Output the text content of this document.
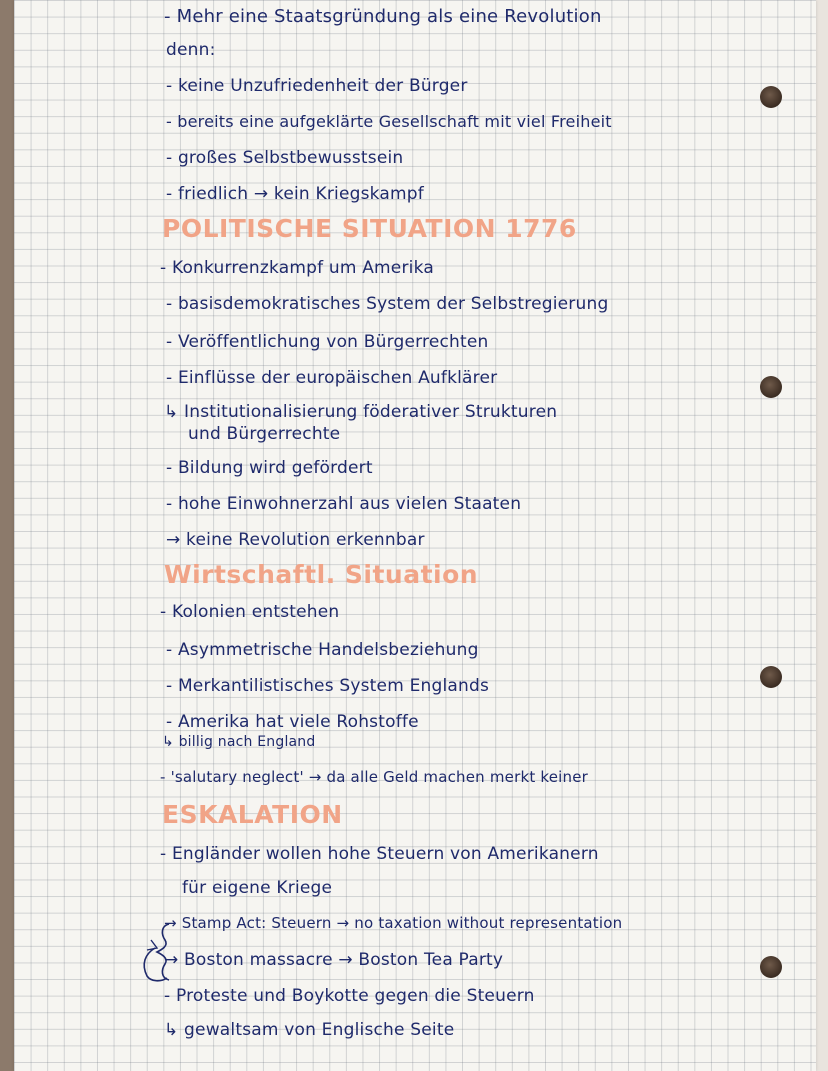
- Mehr eine Staatsgründung als eine Revolution
denn:
- keine Unzufriedenheit der Bürger
- bereits eine aufgeklärte Gesellschaft mit viel Freiheit
- großes Selbstbewusstsein
- friedlich → kein Kriegskampf
POLITISCHE SITUATION 1776
- Konkurrenzkampf um Amerika
- basisdemokratisches System der Selbstregierung
- Veröffentlichung von Bürgerrechten
- Einflüsse der europäischen Aufklärer
↳ Institutionalisierung föderativer Strukturen
und Bürgerrechte
- Bildung wird gefördert
- hohe Einwohnerzahl aus vielen Staaten
→ keine Revolution erkennbar
Wirtschaftl. Situation
- Kolonien entstehen
- Asymmetrische Handelsbeziehung
- Merkantilistisches System Englands
- Amerika hat viele Rohstoffe
↳ billig nach England
- 'salutary neglect' → da alle Geld machen merkt keiner
ESKALATION
- Engländer wollen hohe Steuern von Amerikanern
für eigene Kriege
→ Stamp Act: Steuern → no taxation without representation
→ Boston massacre → Boston Tea Party
- Proteste und Boykotte gegen die Steuern
↳ gewaltsam von Englische Seite
